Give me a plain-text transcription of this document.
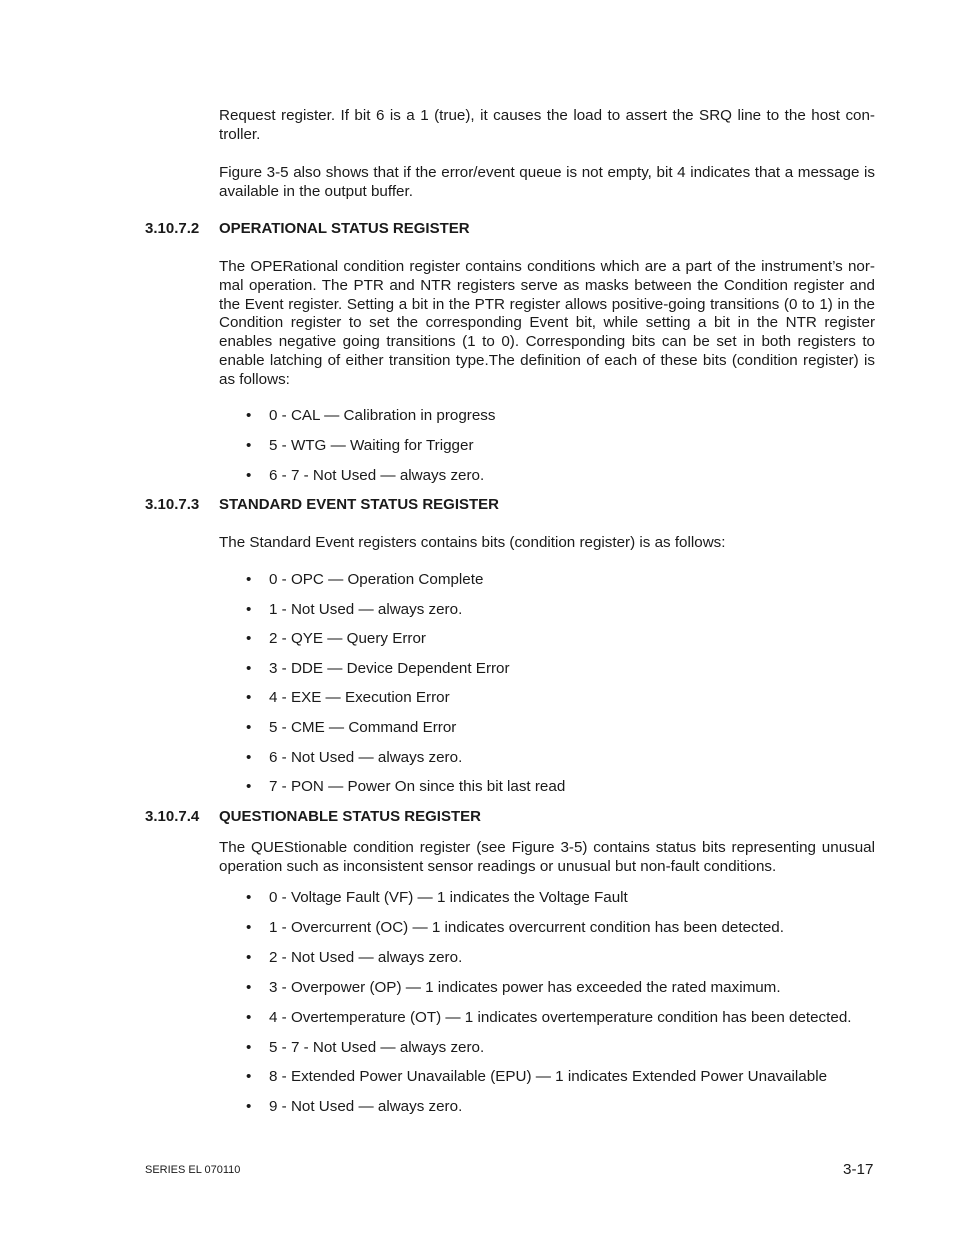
Request register. If bit 6 is a 1 (true), it causes the load to assert the SRQ line to the host con-troller.

Figure 3-5 also shows that if the error/event queue is not empty, bit 4 indicates that a message is available in the output buffer.

3.10.7.2 OPERATIONAL STATUS REGISTER

The OPERational condition register contains conditions which are a part of the instrument’s nor-mal operation. The PTR and NTR registers serve as masks between the Condition register and the Event register. Setting a bit in the PTR register allows positive-going transitions (0 to 1) in the Condition register to set the corresponding Event bit, while setting a bit in the NTR register enables negative going transitions (1 to 0). Corresponding bits can be set in both registers to enable latching of either transition type.The definition of each of these bits (condition register) is as follows:

• 0 - CAL — Calibration in progress
• 5 - WTG — Waiting for Trigger
• 6 - 7 - Not Used — always zero.
3.10.7.3 STANDARD EVENT STATUS REGISTER

The Standard Event registers contains bits (condition register) is as follows:

• 0 - OPC — Operation Complete
• 1 - Not Used — always zero.
• 2 - QYE — Query Error
• 3 - DDE — Device Dependent Error
• 4 - EXE — Execution Error
• 5 - CME — Command Error
• 6 - Not Used — always zero.
• 7 - PON — Power On since this bit last read
3.10.7.4 QUESTIONABLE STATUS REGISTER

The QUEStionable condition register (see Figure 3-5) contains status bits representing unusual operation such as inconsistent sensor readings or unusual but non-fault conditions.

• 0 - Voltage Fault (VF) — 1 indicates the Voltage Fault
• 1 - Overcurrent (OC) — 1 indicates overcurrent condition has been detected.
• 2 - Not Used — always zero.
• 3 - Overpower (OP) — 1 indicates power has exceeded the rated maximum.
• 4 - Overtemperature (OT) — 1 indicates overtemperature condition has been detected.
• 5 - 7 - Not Used — always zero.
• 8 - Extended Power Unavailable (EPU) — 1 indicates Extended Power Unavailable
• 9 - Not Used — always zero.
SERIES EL 070110	3-17
